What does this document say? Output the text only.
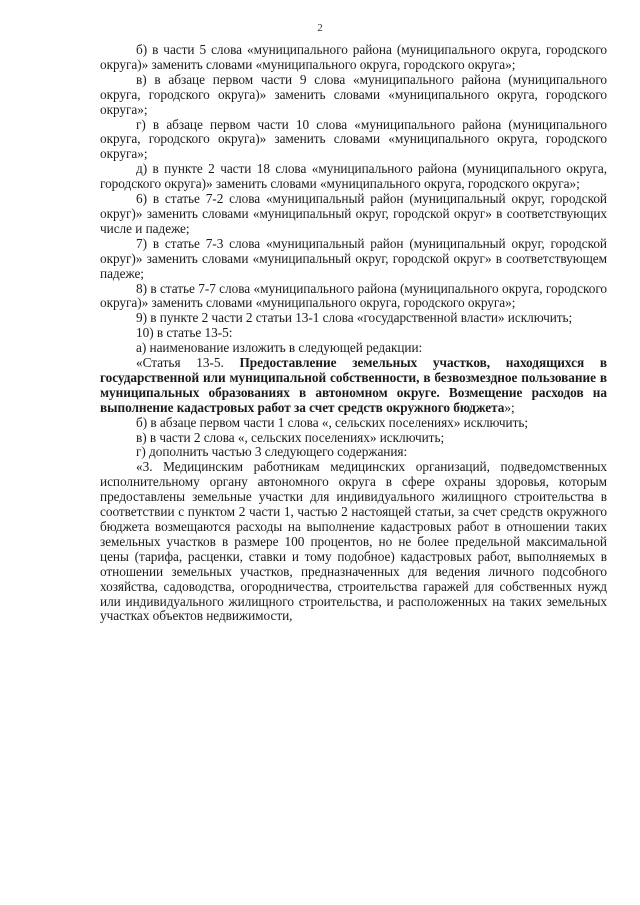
2

б) в части 5 слова «муниципального района (муниципального округа, городского округа)» заменить словами «муниципального округа, городского округа»;

в) в абзаце первом части 9 слова «муниципального района (муниципального округа, городского округа)» заменить словами «муниципального округа, городского округа»;

г) в абзаце первом части 10 слова «муниципального района (муниципального округа, городского округа)» заменить словами «муниципального округа, городского округа»;

д) в пункте 2 части 18 слова «муниципального района (муниципального округа, городского округа)» заменить словами «муниципального округа, городского округа»;

6) в статье 7-2 слова «муниципальный район (муниципальный округ, городской округ)» заменить словами «муниципальный округ, городской округ» в соответствующих числе и падеже;

7) в статье 7-3 слова «муниципальный район (муниципальный округ, городской округ)» заменить словами «муниципальный округ, городской округ» в соответствующем падеже;

8) в статье 7-7 слова «муниципального района (муниципального округа, городского округа)» заменить словами «муниципального округа, городского округа»;

9) в пункте 2 части 2 статьи 13-1 слова «государственной власти» исключить;

10) в статье 13-5:

а) наименование изложить в следующей редакции:

«Статья 13-5. Предоставление земельных участков, находящихся в государственной или муниципальной собственности, в безвозмездное пользование в муниципальных образованиях в автономном округе. Возмещение расходов на выполнение кадастровых работ за счет средств окружного бюджета»;

б) в абзаце первом части 1 слова «, сельских поселениях» исключить;

в) в части 2 слова «, сельских поселениях» исключить;

г) дополнить частью 3 следующего содержания:

«3. Медицинским работникам медицинских организаций, подведомственных исполнительному органу автономного округа в сфере охраны здоровья, которым предоставлены земельные участки для индивидуального жилищного строительства в соответствии с пунктом 2 части 1, частью 2 настоящей статьи, за счет средств окружного бюджета возмещаются расходы на выполнение кадастровых работ в отношении таких земельных участков в размере 100 процентов, но не более предельной максимальной цены (тарифа, расценки, ставки и тому подобное) кадастровых работ, выполняемых в отношении земельных участков, предназначенных для ведения личного подсобного хозяйства, садоводства, огородничества, строительства гаражей для собственных нужд или индивидуального жилищного строительства, и расположенных на таких земельных участках объектов недвижимости,
